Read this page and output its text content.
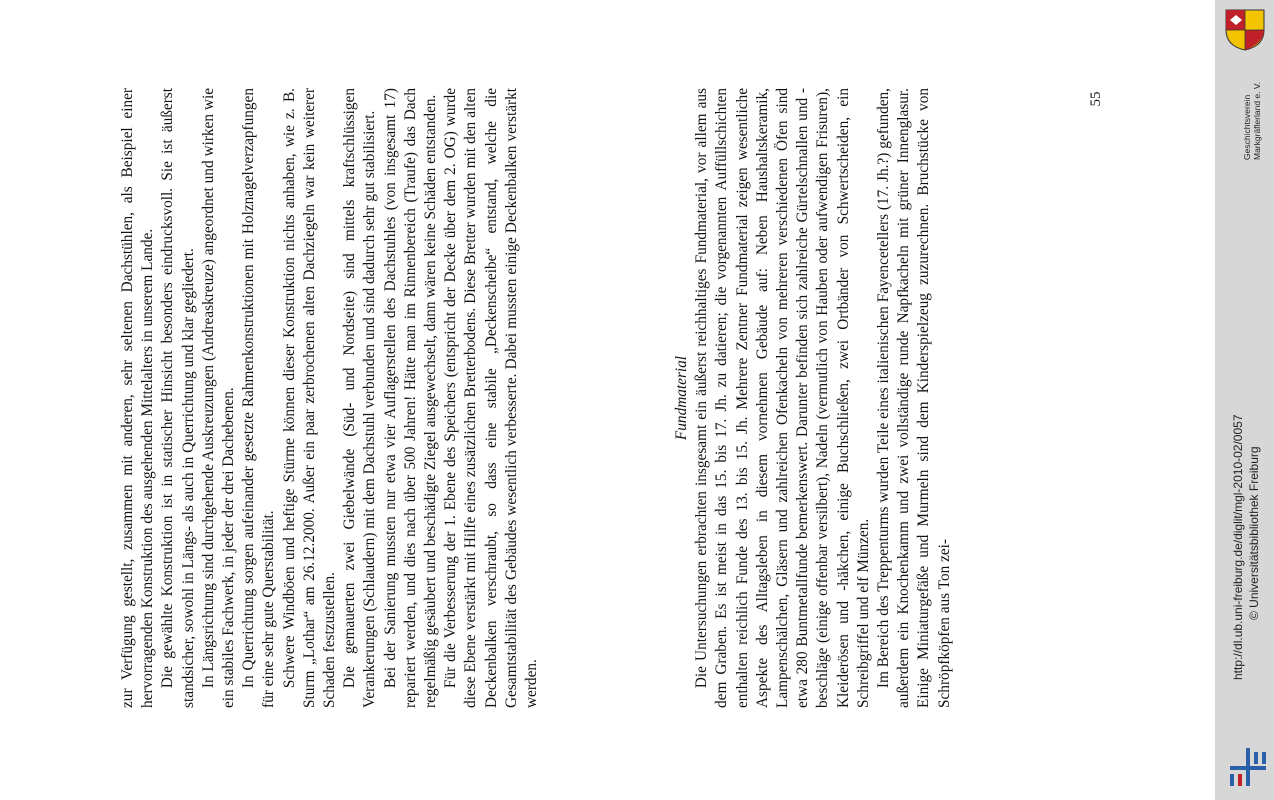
zur Verfügung gestellt, zusammen mit anderen, sehr seltenen Dachstühlen, als Beispiel einer hervorragenden Konstruktion des ausgehenden Mittelalters in unserem Lande. Die gewählte Konstruktion ist in statischer Hinsicht besonders eindrucksvoll. Sie ist äußerst standsicher, sowohl in Längs- als auch in Querrichtung und klar gegliedert. In Längsrichtung sind durchgehende Auskreuzungen (Andreaskreuze) angeordnet und wirken wie ein stabiles Fachwerk, in jeder der drei Dachebenen. In Querrichtung sorgen aufeinander gesetzte Rahmenkonstruktionen mit Holznagelverzapfungen für eine sehr gute Querstabilität. Schwere Windböen und heftige Stürme können dieser Konstruktion nichts anhaben, wie z. B. Sturm „Lothar“ am 26.12.2000. Außer ein paar zerbrochenen alten Dachziegeln war kein weiterer Schaden festzustellen. Die gemauerten zwei Giebelwände (Süd- und Nordseite) sind mittels kraftschlüssigen Verankerungen (Schlaudern) mit dem Dachstuhl verbunden und sind dadurch sehr gut stabilisiert. Bei der Sanierung mussten nur etwa vier Auflagerstellen des Dachstuhles (von insgesamt 17) repariert werden, und dies nach über 500 Jahren! Hätte man im Rinnenbereich (Traufe) das Dach regelmäßig gesäubert und beschädigte Ziegel ausgewechselt, dann wären keine Schäden entstanden. Für die Verbesserung der 1. Ebene des Speichers (entspricht der Decke über dem 2. OG) wurde diese Ebene verstärkt mit Hilfe eines zusätzlichen Bretterbodens. Diese Bretter wurden mit den alten Deckenbalken verschraubt, so dass eine stabile „Deckenscheibe“ entstand, welche die Gesamtstabilität des Gebäudes wesentlich verbesserte. Dabei mussten einige Deckenbalken verstärkt werden.

Fundmaterial Die Untersuchungen erbrachten insgesamt ein äußerst reichhaltiges Fundmaterial, vor allem aus dem Graben. Es ist meist in das 15. bis 17. Jh. zu datieren; die vorgenannten Auffüllschichten enthalten reichlich Funde des 13. bis 15. Jh. Mehrere Zentner Fundmaterial zeigen wesentliche Aspekte des Alltagsleben in diesem vornehmen Gebäude auf: Neben Haushaltskeramik, Lampenschälchen, Gläsern und zahlreichen Ofenkacheln von mehreren verschiedenen Öfen sind etwa 280 Buntmetallfunde bemerkenswert. Darunter befinden sich zahlreiche Gürtelschnallen und -beschläge (einige offenbar versilbert), Nadeln (vermutlich von Hauben oder aufwendigen Frisuren), Kleiderösen und -häkchen, einige Buchschließen, zwei Ortbänder von Schwertscheiden, ein Schreibgriffel und elf Münzen. Im Bereich des Treppenturms wurden Teile eines italienischen Fayencetellers (17. Jh.?) gefunden, außerdem ein Knochenkamm und zwei vollständige runde Napfkacheln mit grüner Innenglasur. Einige Miniaturgefäße und Murmeln sind dem Kinderspielzeug zuzurechnen. Bruchstücke von Schröpfköpfen aus Ton zei-

55
http://dl.ub.uni-freiburg.de/diglit/mgl-2010-02/0057 © Universitätsbibliothek Freiburg
Geschichtsverein Markgräflerland e. V.
